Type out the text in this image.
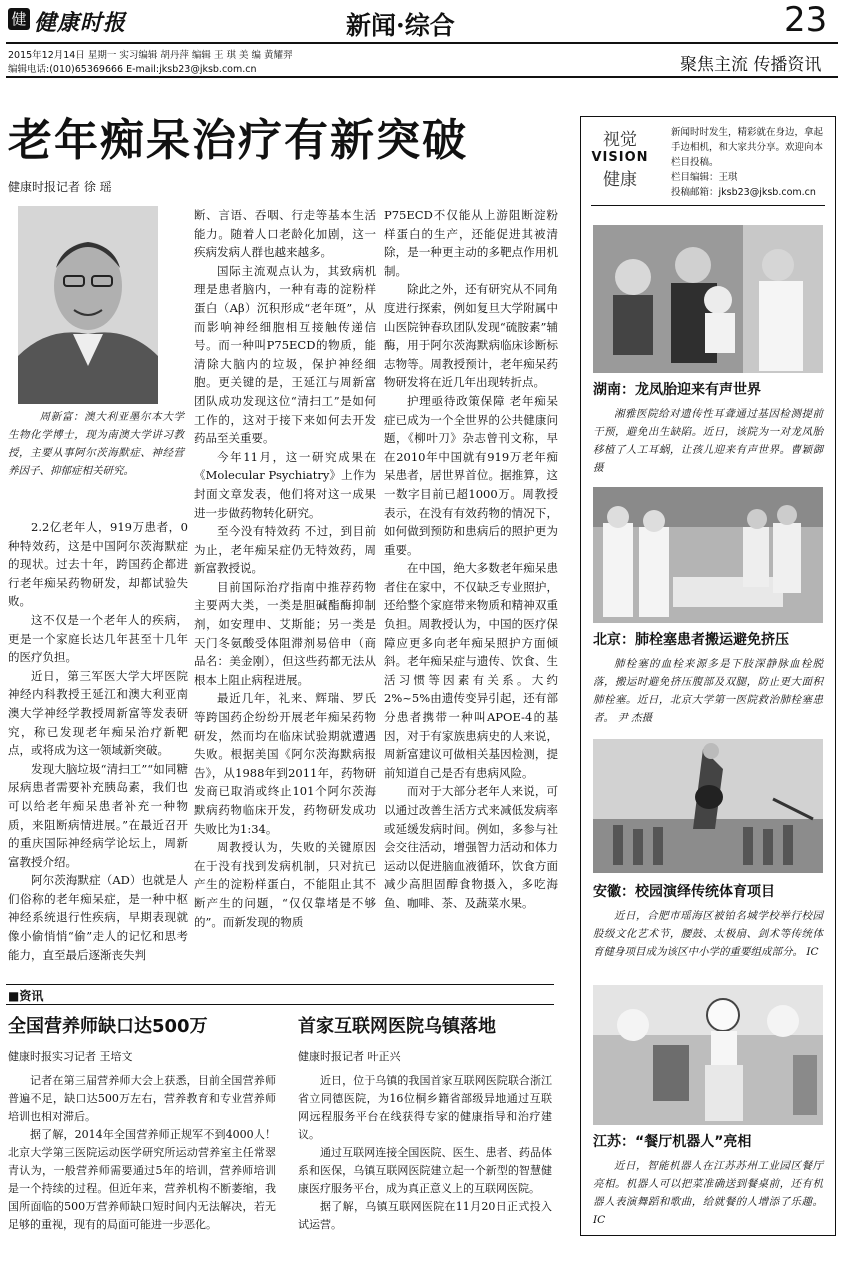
健 健康时报	新闻·综合	23
2015年12月14日 星期一 实习编辑 胡丹萍 编辑 王 琪 美 编 黄耀羿
编辑电话:(010)65369666 E-mail:jksb23@jksb.com.cn	聚焦主流 传播资讯
老年痴呆治疗有新突破
健康时报记者 徐 瑶
周新富：澳大利亚墨尔本大学生物化学博士，现为南澳大学讲习教授，主要从事阿尔茨海默症、神经营养因子、抑郁症相关研究。

2.2亿老年人，919万患者，0种特效药，这是中国阿尔茨海默症的现状。过去十年，跨国药企都进行老年痴呆药物研发，却都试验失败。

这不仅是一个老年人的疾病，更是一个家庭长达几年甚至十几年的医疗负担。

近日，第三军医大学大坪医院神经内科教授王延江和澳大利亚南澳大学神经学教授周新富等发表研究，称已发现老年痴呆治疗新靶点，或将成为这一领域新突破。

发现大脑垃圾“清扫工”“如同糖尿病患者需要补充胰岛素，我们也可以给老年痴呆患者补充一种物质，来阻断病情进展。”在最近召开的重庆国际神经病学论坛上，周新富教授介绍。

阿尔茨海默症（AD）也就是人们俗称的老年痴呆症，是一种中枢神经系统退行性疾病，早期表现就像小偷悄悄“偷”走人的记忆和思考能力，直至最后逐渐丧失判

断、言语、吞咽、行走等基本生活能力。随着人口老龄化加剧，这一疾病发病人群也越来越多。

国际主流观点认为，其致病机理是患者脑内，一种有毒的淀粉样蛋白（Aβ）沉积形成“老年斑”，从而影响神经细胞相互接触传递信号。而一种叫P75ECD的物质，能清除大脑内的垃圾，保护神经细胞。更关键的是，王延江与周新富团队成功发现这位“清扫工”是如何工作的，这对于接下来如何去开发药品至关重要。

今年11月，这一研究成果在《Molecular Psychiatry》上作为封面文章发表，他们将对这一成果进一步做药物转化研究。

至今没有特效药 不过，到目前为止，老年痴呆症仍无特效药，周新富教授说。

目前国际治疗指南中推荐药物主要两大类，一类是胆碱酯酶抑制剂，如安理申、艾斯能；另一类是天门冬氨酸受体阻滞剂易倍申（商品名：美金刚），但这些药都无法从根本上阻止病程进展。

最近几年，礼来、辉瑞、罗氏等跨国药企纷纷开展老年痴呆药物研发，然而均在临床试验期就遭遇失败。根据美国《阿尔茨海默病报告》，从1988年到2011年，药物研发商已取消或终止101个阿尔茨海默病药物临床开发，药物研发成功失败比为1:34。

周教授认为，失败的关键原因在于没有找到发病机制，只对抗已产生的淀粉样蛋白，不能阻止其不断产生的问题，“仅仅靠堵是不够的”。而新发现的物质

P75ECD不仅能从上游阻断淀粉样蛋白的生产，还能促进其被清除，是一种更主动的多靶点作用机制。

除此之外，还有研究从不同角度进行探索，例如复旦大学附属中山医院钟春玖团队发现“硫胺素”辅酶，用于阿尔茨海默病临床诊断标志物等。周教授预计，老年痴呆药物研发将在近几年出现转折点。

护理亟待政策保障 老年痴呆症已成为一个全世界的公共健康问题，《柳叶刀》杂志曾刊文称，早在2010年中国就有919万老年痴呆患者，居世界首位。据推算，这一数字目前已超1000万。周教授表示，在没有有效药物的情况下，如何做到预防和患病后的照护更为重要。

在中国，绝大多数老年痴呆患者住在家中，不仅缺乏专业照护，还给整个家庭带来物质和精神双重负担。周教授认为，中国的医疗保障应更多向老年痴呆照护方面倾斜。老年痴呆症与遗传、饮食、生活习惯等因素有关系。大约2%~5%由遗传变异引起，还有部分患者携带一种叫APOE-4的基因，对于有家族患病史的人来说，周新富建议可做相关基因检测，提前知道自己是否有患病风险。

而对于大部分老年人来说，可以通过改善生活方式来减低发病率或延缓发病时间。例如，多参与社会交往活动，增强智力活动和体力运动以促进脑血液循环，饮食方面减少高胆固醇食物摄入，多吃海鱼、咖啡、茶、及蔬菜水果。

■资讯
全国营养师缺口达500万
健康时报实习记者 王培文

记者在第三届营养师大会上获悉，目前全国营养师普遍不足，缺口达500万左右，营养教育和专业营养师培训也相对滞后。

据了解，2014年全国营养师正规军不到4000人！北京大学第三医院运动医学研究所运动营养室主任常翠青认为，一般营养师需要通过5年的培训，营养师培训是一个持续的过程。但近年来，营养机构不断萎缩，我国所面临的500万营养师缺口短时间内无法解决，若无足够的重视，现有的局面可能进一步恶化。

首家互联网医院乌镇落地
健康时报记者 叶正兴

近日，位于乌镇的我国首家互联网医院联合浙江省立同德医院，为16位桐乡籍省部级异地通过互联网远程服务平台在线获得专家的健康指导和治疗建议。

通过互联网连接全国医院、医生、患者、药品体系和医保，乌镇互联网医院建立起一个新型的智慧健康医疗服务平台，成为真正意义上的互联网医院。

据了解，乌镇互联网医院在11月20日正式投入试运营。

视觉
VISION
健康
新闻时时发生，精彩就在身边，拿起手边相机，和大家共分享。欢迎向本栏目投稿。
栏目编辑：王琪
投稿邮箱：jksb23@jksb.com.cn
湖南：龙凤胎迎来有声世界
湘雅医院给对遗传性耳聋通过基因检测提前干预，避免出生缺陷。近日，该院为一对龙凤胎移植了人工耳蜗，让孩儿迎来有声世界。曹颖御摄
北京：肺栓塞患者搬运避免挤压
肺栓塞的血栓来源多是下肢深静脉血栓脱落，搬运时避免挤压腹部及双腿，防止更大面积肺栓塞。近日，北京大学第一医院救治肺栓塞患者。 尹 杰摄
安徽：校园演绎传统体育项目
近日，合肥市瑶海区被铂名城学校举行校园股级文化艺术节，腰鼓、太极扇、剑术等传统体育健身项目成为该区中小学的重要组成部分。 IC
江苏：“餐厅机器人”亮相
近日，智能机器人在江苏苏州工业园区餐厅亮相。机器人可以把菜准确送到餐桌前，还有机器人表演舞蹈和歌曲，给就餐的人增添了乐趣。IC
